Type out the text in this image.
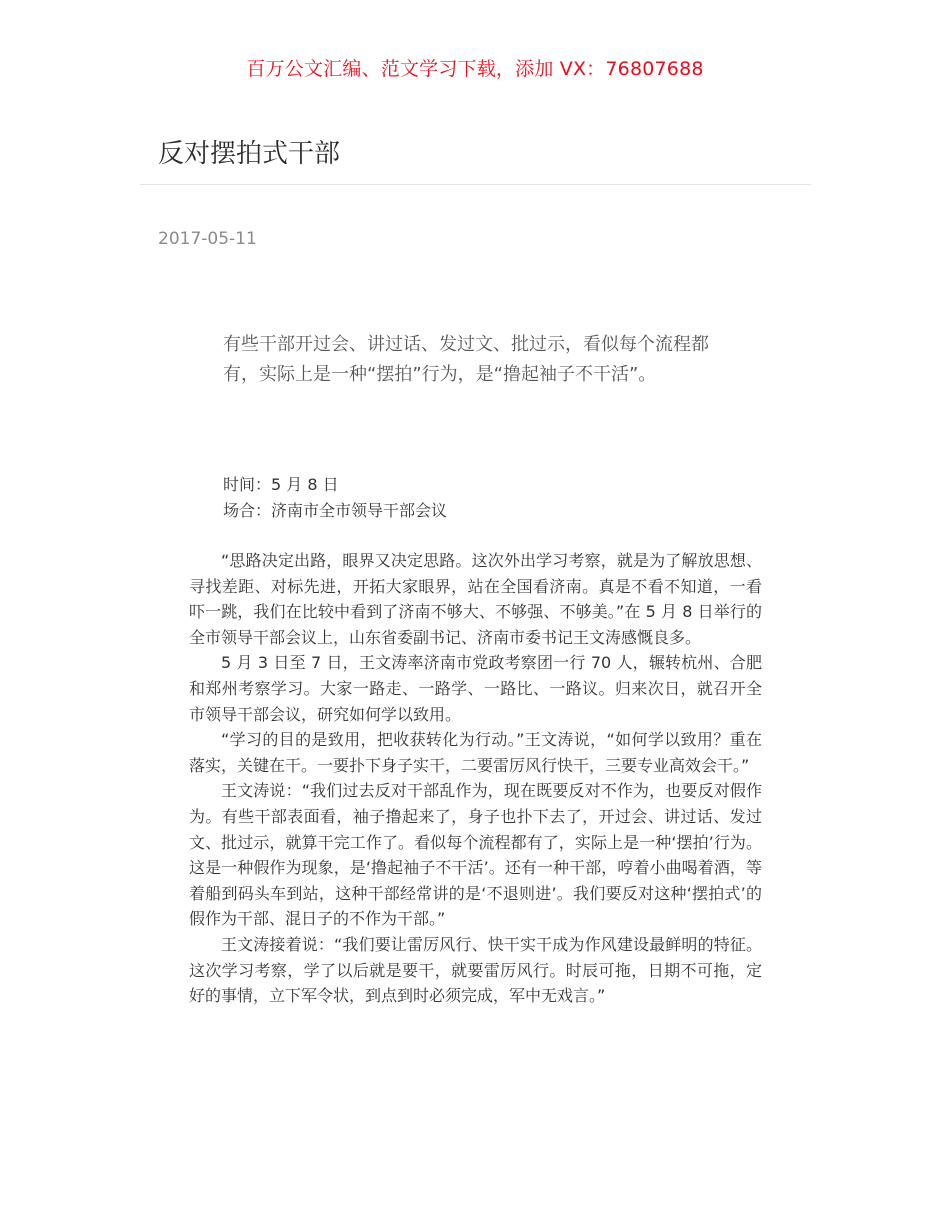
百万公文汇编、范文学习下载，添加 VX：76807688
反对摆拍式干部
2017-05-11

有些干部开过会、讲过话、发过文、批过示，看似每个流程都有，实际上是一种“摆拍”行为，是“撸起袖子不干活”。

时间：5 月 8 日
场合：济南市全市领导干部会议

“思路决定出路，眼界又决定思路。这次外出学习考察，就是为了解放思想、寻找差距、对标先进，开拓大家眼界，站在全国看济南。真是不看不知道，一看吓一跳，我们在比较中看到了济南不够大、不够强、不够美。”在 5 月 8 日举行的全市领导干部会议上，山东省委副书记、济南市委书记王文涛感慨良多。

5 月 3 日至 7 日，王文涛率济南市党政考察团一行 70 人，辗转杭州、合肥和郑州考察学习。大家一路走、一路学、一路比、一路议。归来次日，就召开全市领导干部会议，研究如何学以致用。

“学习的目的是致用，把收获转化为行动。”王文涛说，“如何学以致用？重在落实，关键在干。一要扑下身子实干，二要雷厉风行快干，三要专业高效会干。”

王文涛说：“我们过去反对干部乱作为，现在既要反对不作为，也要反对假作为。有些干部表面看，袖子撸起来了，身子也扑下去了，开过会、讲过话、发过文、批过示，就算干完工作了。看似每个流程都有了，实际上是一种‘摆拍’行为。这是一种假作为现象，是‘撸起袖子不干活’。还有一种干部，哼着小曲喝着酒，等着船到码头车到站，这种干部经常讲的是‘不退则进’。我们要反对这种‘摆拍式’的假作为干部、混日子的不作为干部。”

王文涛接着说：“我们要让雷厉风行、快干实干成为作风建设最鲜明的特征。这次学习考察，学了以后就是要干，就要雷厉风行。时辰可拖，日期不可拖，定好的事情，立下军令状，到点到时必须完成，军中无戏言。”
